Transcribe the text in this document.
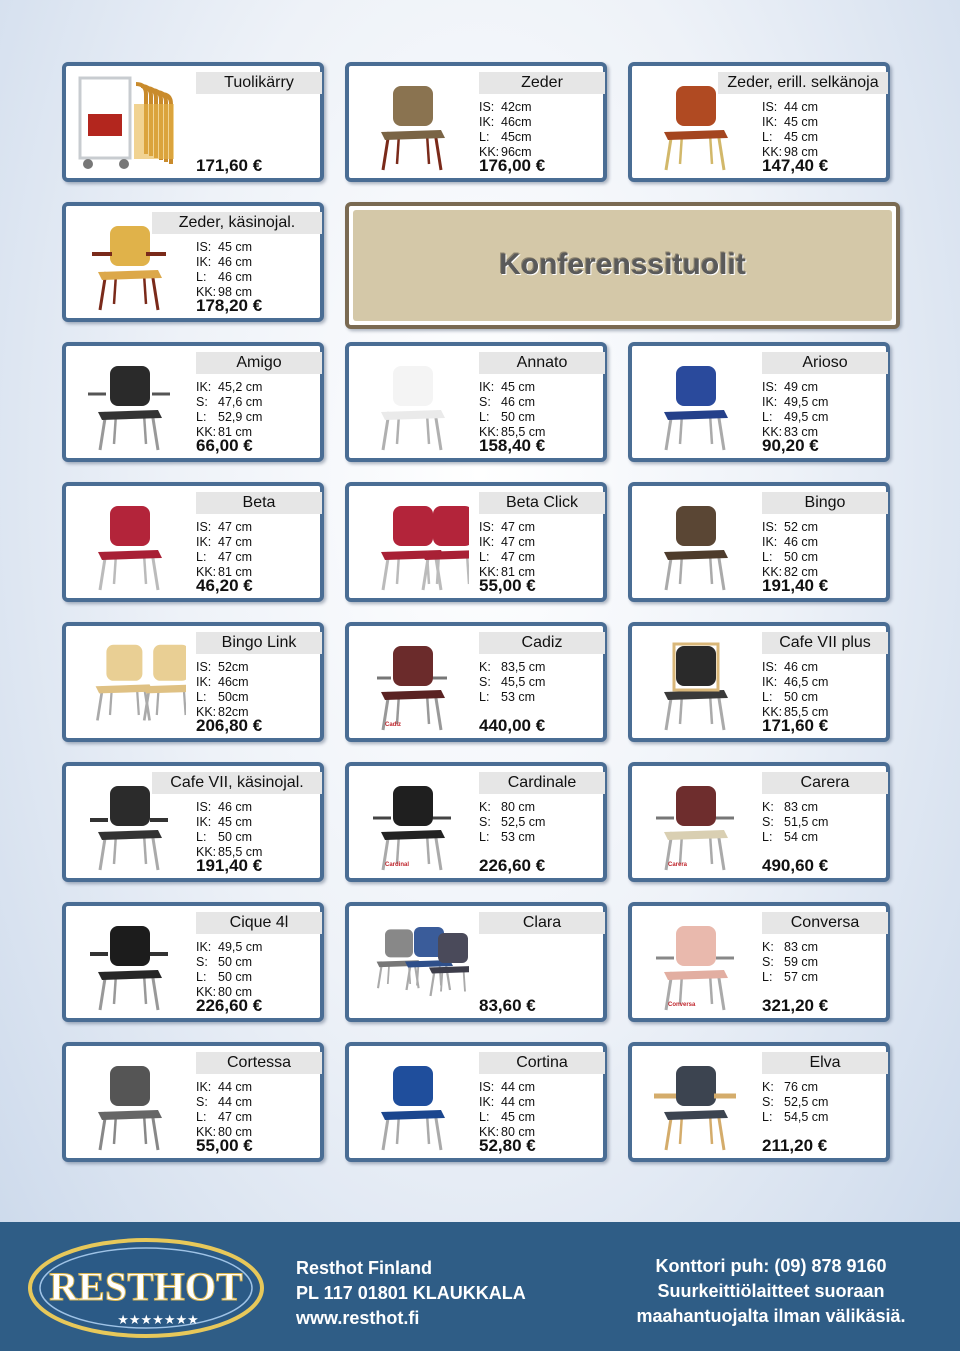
Tuolikärry
171,60 €
Zeder
IS: 42cm
IK: 46cm
L: 45cm
KK: 96cm
176,00 €
Zeder, erill. selkänoja
IS: 44 cm
IK: 45 cm
L: 45 cm
KK: 98 cm
147,40 €
Zeder, käsinojal.
IS: 45 cm
IK: 46 cm
L: 46 cm
KK: 98 cm
178,20 €
Amigo
IK: 45,2 cm
S: 47,6 cm
L: 52,9 cm
KK: 81 cm
66,00 €
Annato
IK: 45 cm
S: 46 cm
L: 50 cm
KK: 85,5 cm
158,40 €
Arioso
IS: 49 cm
IK: 49,5 cm
L: 49,5 cm
KK: 83 cm
90,20 €
Beta
IS: 47 cm
IK: 47 cm
L: 47 cm
KK: 81 cm
46,20 €
Beta Click
IS: 47 cm
IK: 47 cm
L: 47 cm
KK: 81 cm
55,00 €
Bingo
IS: 52 cm
IK: 46 cm
L: 50 cm
KK: 82 cm
191,40 €
Bingo Link
IS: 52cm
IK: 46cm
L: 50cm
KK: 82cm
206,80 €	Cadiz
Cadiz
K: 83,5 cm
S: 45,5 cm
L: 53 cm
440,00 €
Cafe VII plus
IS: 46 cm
IK: 46,5 cm
L: 50 cm
KK: 85,5 cm
171,60 €
Cafe VII, käsinojal.
IS: 46 cm
IK: 45 cm
L: 50 cm
KK: 85,5 cm
191,40 €	Cardinal
Cardinale
K: 80 cm
S: 52,5 cm
L: 53 cm
226,60 €	Carera
Carera
K: 83 cm
S: 51,5 cm
L: 54 cm
490,60 €
Cique 4l
IK: 49,5 cm
S: 50 cm
L: 50 cm
KK: 80 cm
226,60 €
Clara
83,60 €	Conversa
Conversa
K: 83 cm
S: 59 cm
L: 57 cm
321,20 €
Cortessa
IK: 44 cm
S: 44 cm
L: 47 cm
KK: 80 cm
55,00 €
Cortina
IS: 44 cm
IK: 44 cm
L: 45 cm
KK: 80 cm
52,80 €
Elva
K: 76 cm
S: 52,5 cm
L: 54,5 cm
211,20 €
Konferenssituolit
RESTHOT
★★★★★★★
Resthot Finland
PL 117 01801 KLAUKKALA
www.resthot.fi
Konttori puh: (09) 878 9160
Suurkeittiölaitteet suoraan
maahantuojalta ilman välikäsiä.
